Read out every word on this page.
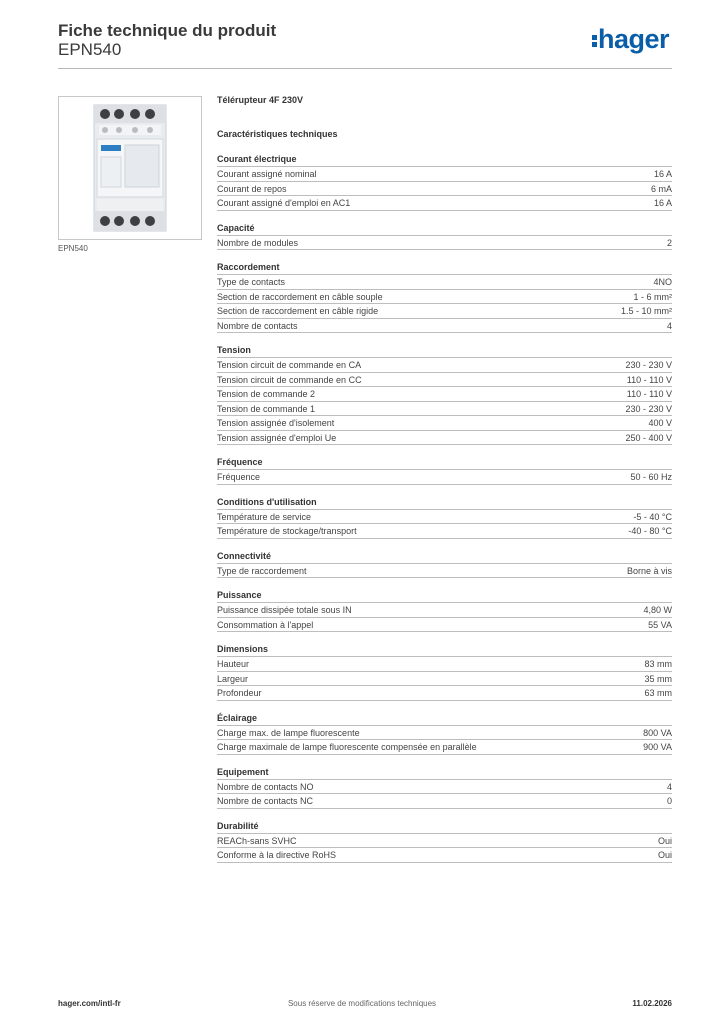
Fiche technique du produit
EPN540	hager
EPN540
Télérupteur 4F 230V
Caractéristiques techniques
Courant électrique
Courant assigné nominal	16 A
Courant de repos	6 mA
Courant assigné d'emploi en AC1	16 A
Capacité
Nombre de modules	2
Raccordement
Type de contacts	4NO
Section de raccordement en câble souple	1 - 6 mm²
Section de raccordement en câble rigide	1.5 - 10 mm²
Nombre de contacts	4
Tension
Tension circuit de commande en CA	230 - 230 V
Tension circuit de commande en CC	110 - 110 V
Tension de commande 2	110 - 110 V
Tension de commande 1	230 - 230 V
Tension assignée d'isolement	400 V
Tension assignée d'emploi Ue	250 - 400 V
Fréquence
Fréquence	50 - 60 Hz
Conditions d'utilisation
Température de service	-5 - 40 °C
Température de stockage/transport	-40 - 80 °C
Connectivité
Type de raccordement	Borne à vis
Puissance
Puissance dissipée totale sous IN	4,80 W
Consommation à l'appel	55 VA
Dimensions
Hauteur	83 mm
Largeur	35 mm
Profondeur	63 mm
Éclairage
Charge max. de lampe fluorescente	800 VA
Charge maximale de lampe fluorescente compensée en parallèle	900 VA
Equipement
Nombre de contacts NO	4
Nombre de contacts NC	0
Durabilité
REACh-sans SVHC	Oui
Conforme à la directive RoHS	Oui
hager.com/intl-fr	Sous réserve de modifications techniques	11.02.2026
